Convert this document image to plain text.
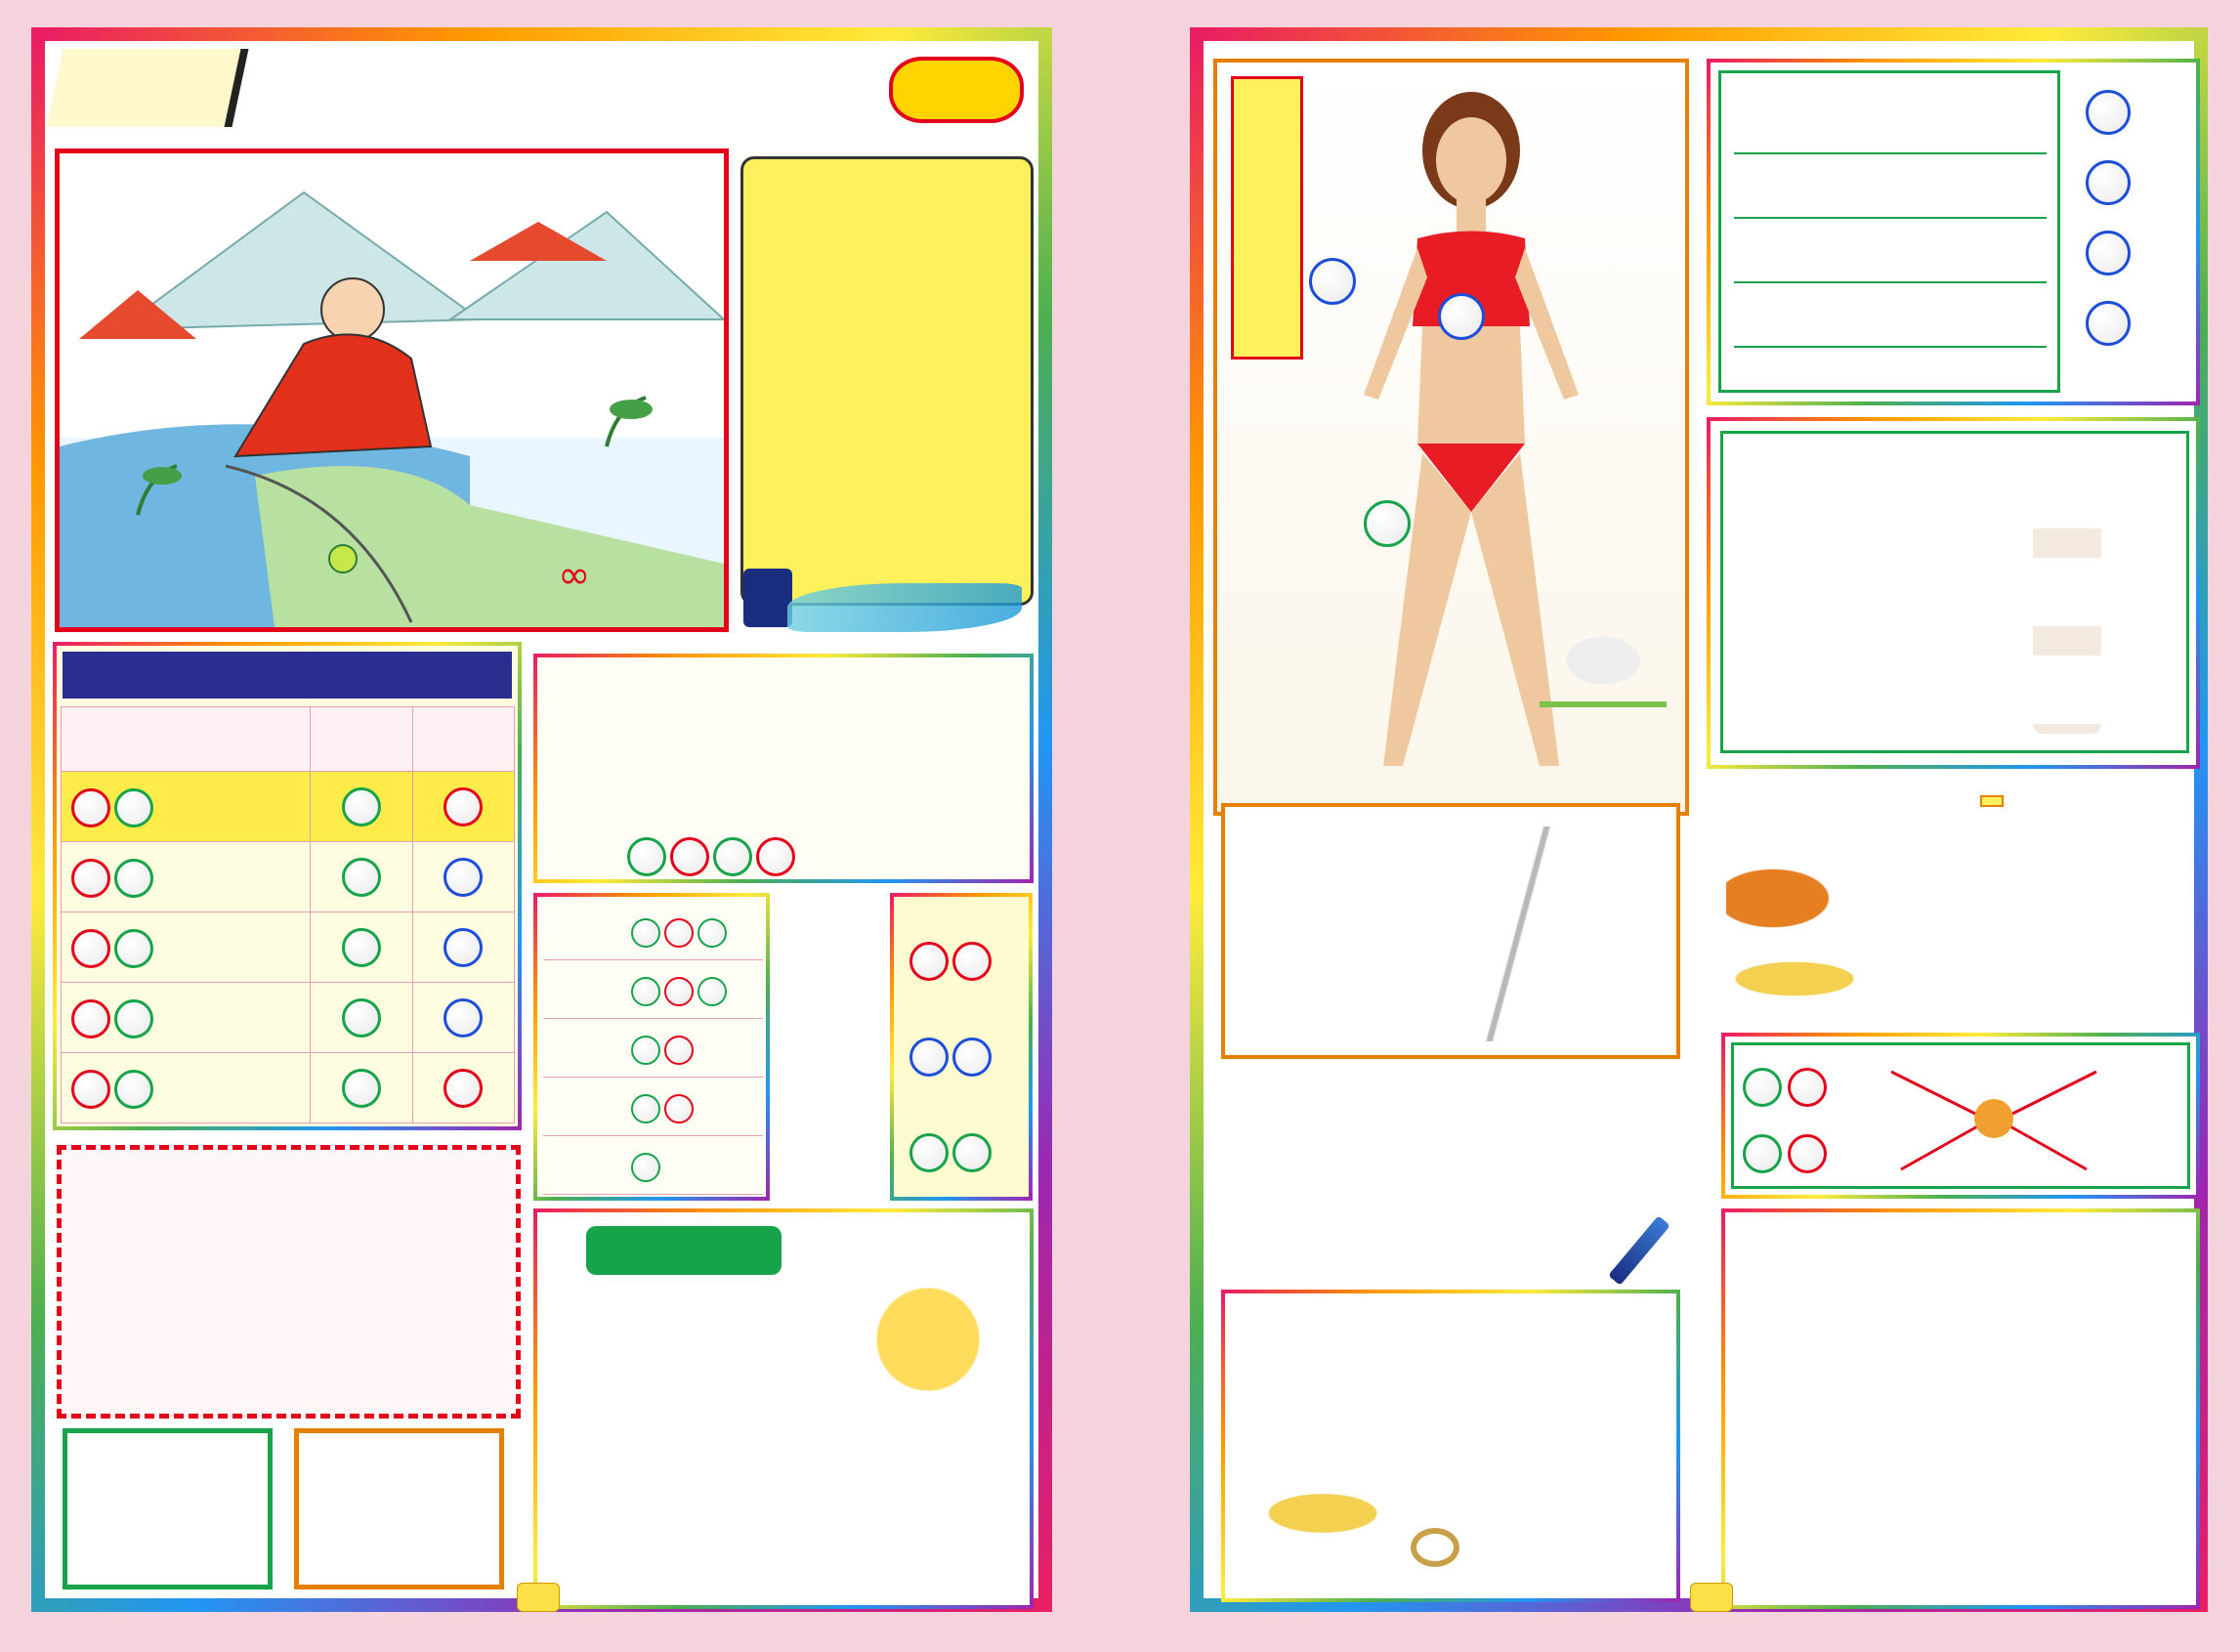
∞
